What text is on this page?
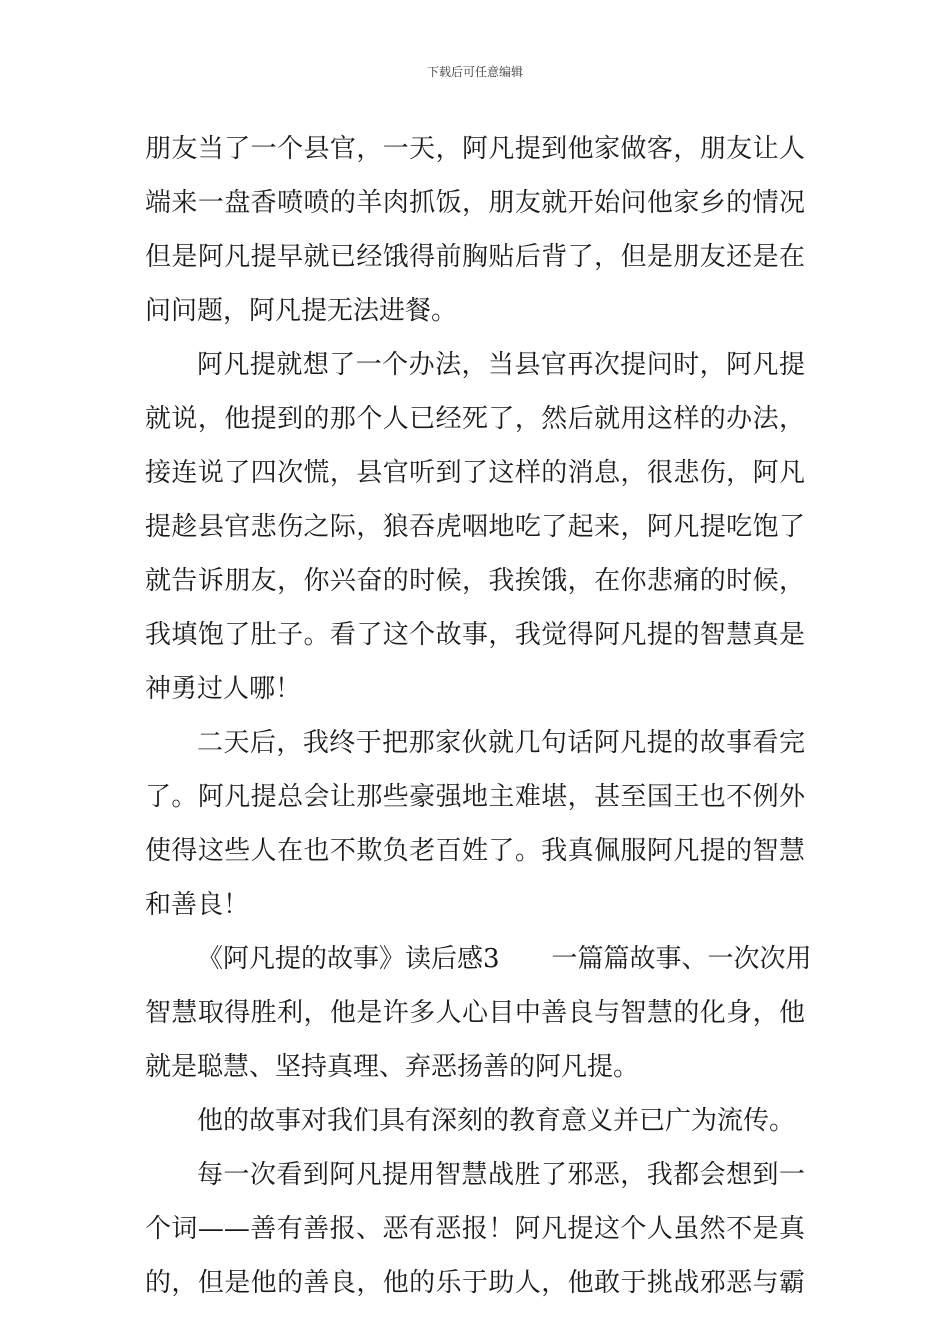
下载后可任意编辑
朋友当了一个县官，一天，阿凡提到他家做客，朋友让人
端来一盘香喷喷的羊肉抓饭，朋友就开始问他家乡的情况
但是阿凡提早就已经饿得前胸贴后背了，但是朋友还是在
问问题，阿凡提无法进餐。
阿凡提就想了一个办法，当县官再次提问时，阿凡提
就说，他提到的那个人已经死了，然后就用这样的办法，
接连说了四次慌，县官听到了这样的消息，很悲伤，阿凡
提趁县官悲伤之际，狼吞虎咽地吃了起来，阿凡提吃饱了
就告诉朋友，你兴奋的时候，我挨饿，在你悲痛的时候，
我填饱了肚子。看了这个故事，我觉得阿凡提的智慧真是
神勇过人哪！
二天后，我终于把那家伙就几句话阿凡提的故事看完
了。阿凡提总会让那些豪强地主难堪，甚至国王也不例外
使得这些人在也不欺负老百姓了。我真佩服阿凡提的智慧
和善良！
《阿凡提的故事》读后感3 一篇篇故事、一次次用
智慧取得胜利，他是许多人心目中善良与智慧的化身，他
就是聪慧、坚持真理、弃恶扬善的阿凡提。
他的故事对我们具有深刻的教育意义并已广为流传。
每一次看到阿凡提用智慧战胜了邪恶，我都会想到一
个词——善有善报、恶有恶报！阿凡提这个人虽然不是真
的，但是他的善良，他的乐于助人，他敢于挑战邪恶与霸
